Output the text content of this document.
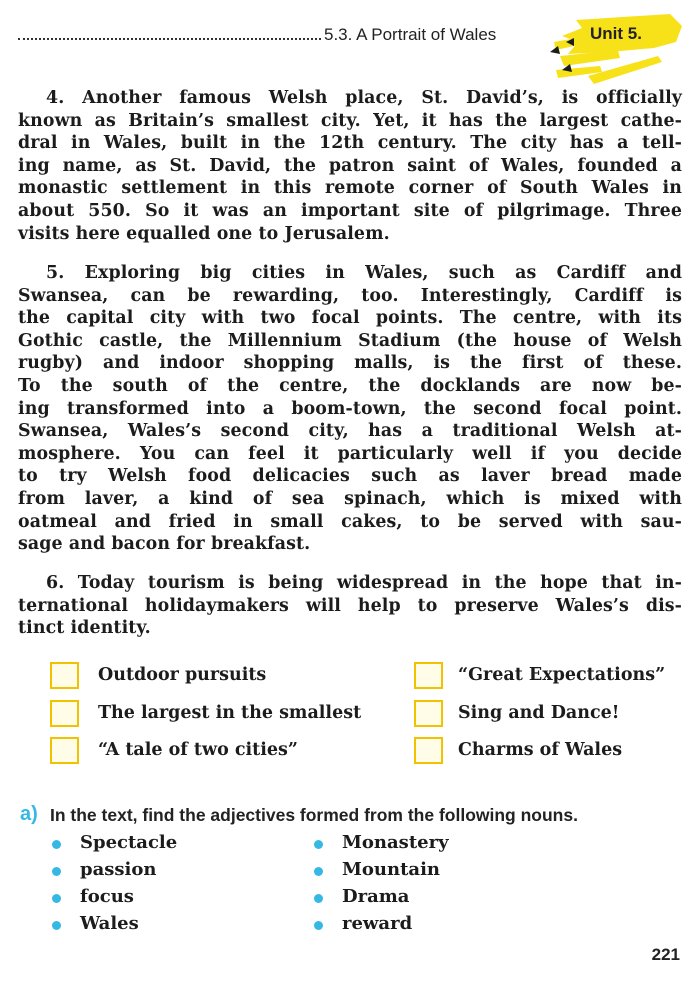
5.3. A Portrait of Wales	Unit 5.
4. Another famous Welsh place, St. David’s, is officially
known as Britain’s smallest city. Yet, it has the largest cathe-
dral in Wales, built in the 12th century. The city has a tell-
ing name, as St. David, the patron saint of Wales, founded a
monastic settlement in this remote corner of South Wales in
about 550. So it was an important site of pilgrimage. Three
visits here equalled one to Jerusalem.
5. Exploring big cities in Wales, such as Cardiff and
Swansea, can be rewarding, too. Interestingly, Cardiff is
the capital city with two focal points. The centre, with its
Gothic castle, the Millennium Stadium (the house of Welsh
rugby) and indoor shopping malls, is the first of these.
To the south of the centre, the docklands are now be-
ing transformed into a boom-town, the second focal point.
Swansea, Wales’s second city, has a traditional Welsh at-
mosphere. You can feel it particularly well if you decide
to try Welsh food delicacies such as laver bread made
from laver, a kind of sea spinach, which is mixed with
oatmeal and fried in small cakes, to be served with sau-
sage and bacon for breakfast.
6. Today tourism is being widespread in the hope that in-
ternational holidaymakers will help to preserve Wales’s dis-
tinct identity.
Outdoor pursuits
The largest in the smallest
“A tale of two cities”
“Great Expectations”
Sing and Dance!
Charms of Wales
a) In the text, find the adjectives formed from the following nouns.
Spectacle
passion
focus
Wales
Monastery
Mountain
Drama
reward
221
